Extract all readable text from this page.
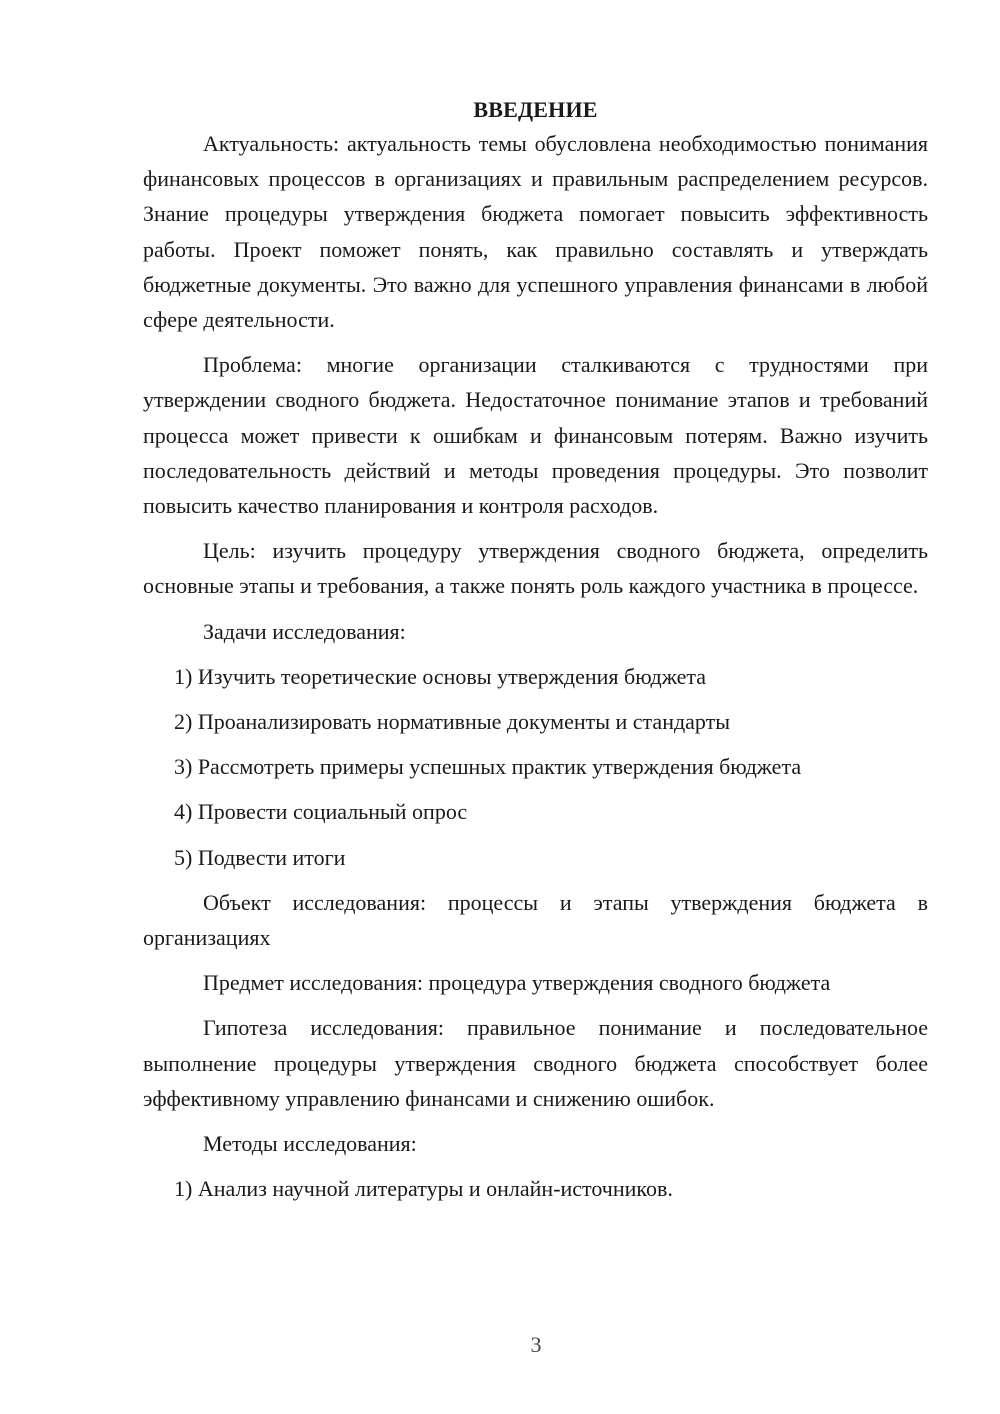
ВВЕДЕНИЕ

Актуальность: актуальность темы обусловлена необходимостью понимания финансовых процессов в организациях и правильным распределением ресурсов. Знание процедуры утверждения бюджета помогает повысить эффективность работы. Проект поможет понять, как правильно составлять и утверждать бюджетные документы. Это важно для успешного управления финансами в любой сфере деятельности.

Проблема: многие организации сталкиваются с трудностями при утверждении сводного бюджета. Недостаточное понимание этапов и требований процесса может привести к ошибкам и финансовым потерям. Важно изучить последовательность действий и методы проведения процедуры. Это позволит повысить качество планирования и контроля расходов.

Цель: изучить процедуру утверждения сводного бюджета, определить основные этапы и требования, а также понять роль каждого участника в процессе.

Задачи исследования:

1) Изучить теоретические основы утверждения бюджета
2) Проанализировать нормативные документы и стандарты
3) Рассмотреть примеры успешных практик утверждения бюджета
4) Провести социальный опрос
5) Подвести итоги

Объект исследования: процессы и этапы утверждения бюджета в организациях

Предмет исследования: процедура утверждения сводного бюджета

Гипотеза исследования: правильное понимание и последовательное выполнение процедуры утверждения сводного бюджета способствует более эффективному управлению финансами и снижению ошибок.

Методы исследования:

1) Анализ научной литературы и онлайн-источников.
3
